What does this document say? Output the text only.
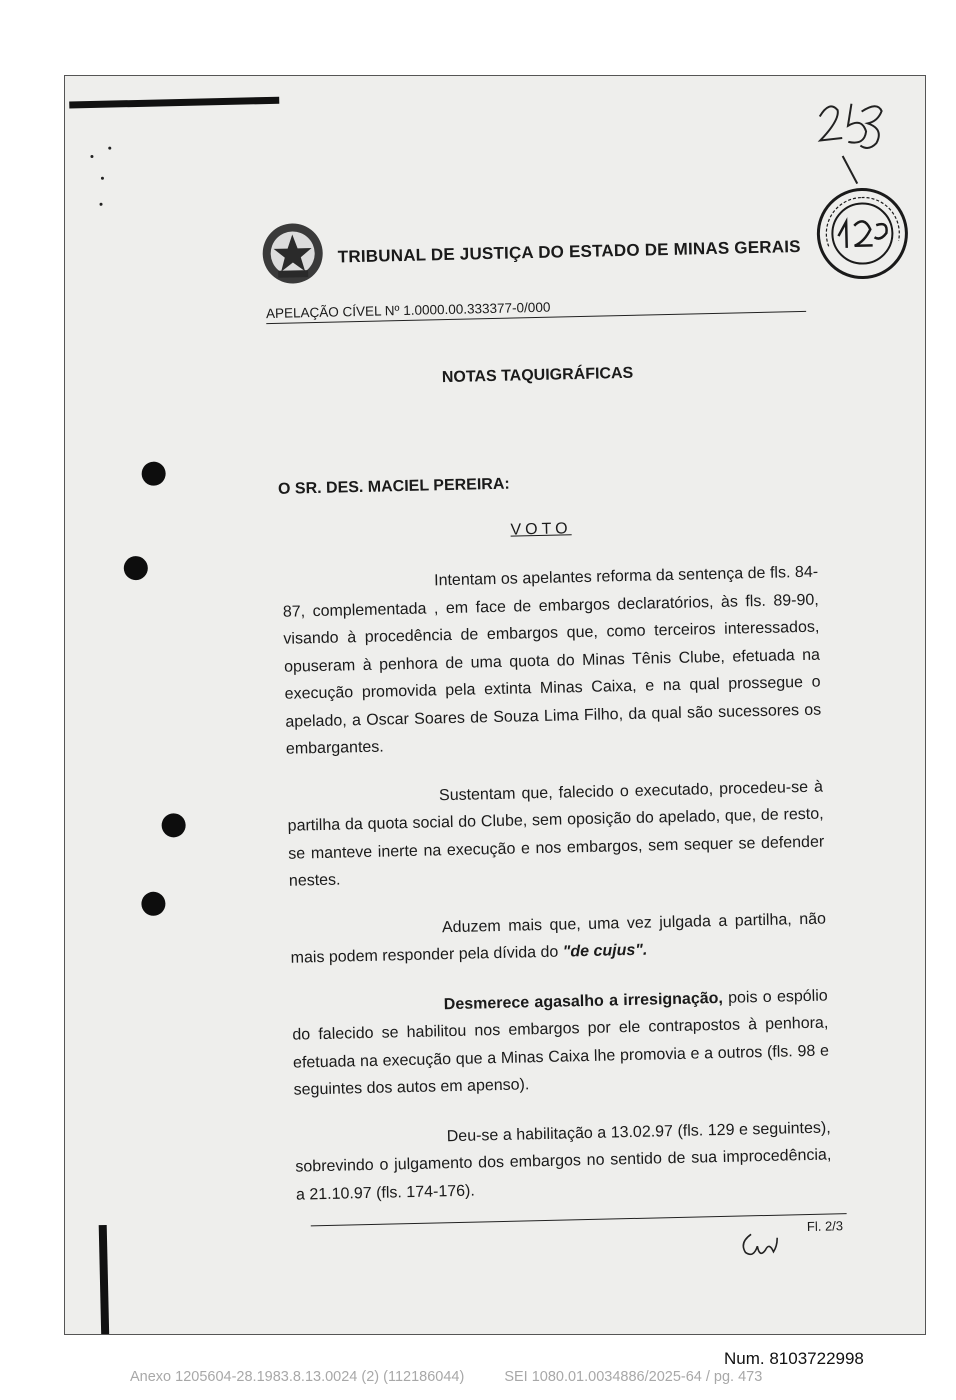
TRIBUNAL DE JUSTIÇA DO ESTADO DE MINAS GERAIS
APELAÇÃO CÍVEL Nº 1.0000.00.333377-0/000
NOTAS TAQUIGRÁFICAS
O SR. DES. MACIEL PEREIRA:
VOTO

Intentam os apelantes reforma da sentença de fls. 84-87, complementada , em face de embargos declaratórios, às fls. 89-90, visando à procedência de embargos que, como terceiros interessados, opuseram à penhora de uma quota do Minas Tênis Clube, efetuada na execução promovida pela extinta Minas Caixa, e na qual prossegue o apelado, a Oscar Soares de Souza Lima Filho, da qual são sucessores os embargantes.

Sustentam que, falecido o executado, procedeu-se à partilha da quota social do Clube, sem oposição do apelado, que, de resto, se manteve inerte na execução e nos embargos, sem sequer se defender nestes.

Aduzem mais que, uma vez julgada a partilha, não mais podem responder pela dívida do "de cujus".

Desmerece agasalho a irresignação, pois o espólio do falecido se habilitou nos embargos por ele contrapostos à penhora, efetuada na execução que a Minas Caixa lhe promovia e a outros (fls. 98 e seguintes dos autos em apenso).

Deu-se a habilitação a 13.02.97 (fls. 129 e seguintes), sobrevindo o julgamento dos embargos no sentido de sua improcedência, a 21.10.97 (fls. 174-176).

Fl. 2/3
Num. 8103722998
Anexo 1205604-28.1983.8.13.0024 (2) (112186044)	SEI 1080.01.0034886/2025-64 / pg. 473
